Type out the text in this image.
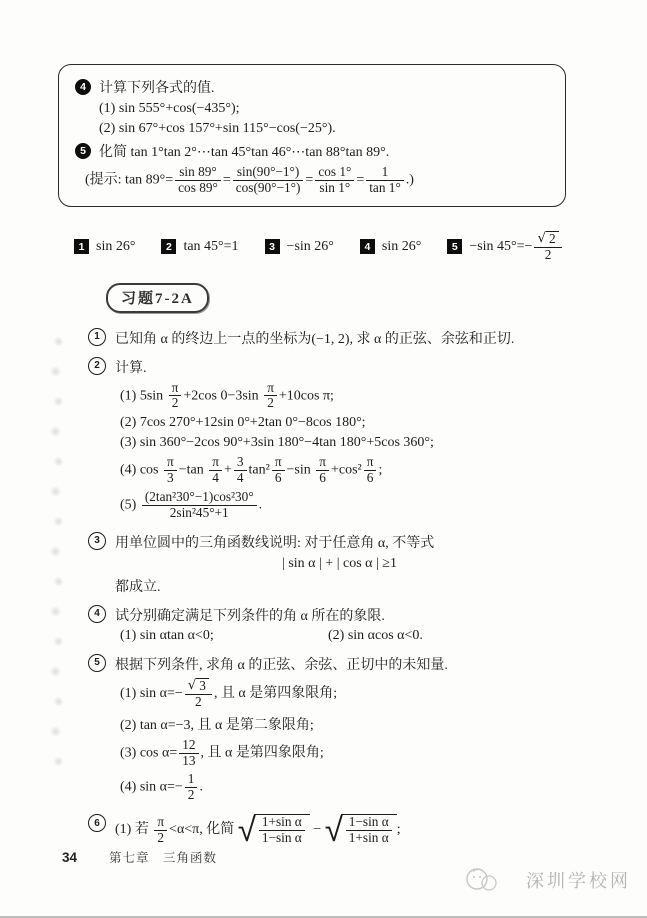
4 计算下列各式的值.
(1) sin 555°+cos(−435°);
(2) sin 67°+cos 157°+sin 115°−cos(−25°).
5 化简 tan 1°tan 2°⋯tan 45°tan 46°⋯tan 88°tan 89°.
(提示: $\tan 89^\circ= \frac{\sin 89^\circ}{\cos 89^\circ} = \frac{\sin(90^\circ-1^\circ)}{\cos(90^\circ-1^\circ)} = \frac{\cos 1^\circ}{\sin 1^\circ} = \frac{1}{\tan 1^\circ}$ .)
1 sin 26°	2 tan 45°=1	3 −sin 26°	4 sin 26°	5 −sin $45^\circ=- \frac{√ 2}{2}$
习题7-2A
1	已知角 α 的终边上一点的坐标为(−1, 2), 求 α 的正弦、余弦和正切.
2	计算.
(1) $5\sin \frac{\pi}{2} +2\cos$ $0-3\sin \frac{\pi}{2} +10\cos$ π;
(2) 7cos 270°+12sin 0°+2tan 0°−8cos 180°;
(3) sin 360°−2cos 90°+3sin 180°−4tan 180°+5cos 360°;
(4) $\cos \frac{\pi}{3} -\tan \frac{\pi}{4} + \frac{3}{4} \tan^2 \frac{\pi}{6} -\sin \frac{\pi}{6} +\cos^2 \frac{\pi}{6}$ ;
$(5) \frac{\text{(2tan²30°−1)cos²30°}}{\text{2sin²45°+1}}$ .
3	用单位圆中的三角函数线说明: 对于任意角 α, 不等式
| sin α | + | cos α | ≥1
都成立.
4	试分别确定满足下列条件的角 α 所在的象限.
(1) sin αtan α<0;	(2) sin αcos α<0.
5	根据下列条件, 求角 α 的正弦、余弦、正切中的未知量.
(1) $\sin \alpha=- \frac{√ 3}{2}$ , 且 α 是第四象限角;
(2) tan α=−3, 且 α 是第二象限角;
(3) $\cos \alpha= \frac{12}{13}$ , 且 α 是第四象限角;
(4) $\sin \alpha=- \frac{1}{2}$ .
6	(1) 若 $\frac{\pi}{2} <\alpha<\pi$, 化简 √ $\frac{\text{1+sin α}}{\text{1−sin α}}$ − √ $\frac{\text{1−sin α}}{\text{1+sin α}}$ ;
34	第七章　三角函数
深圳学校网
